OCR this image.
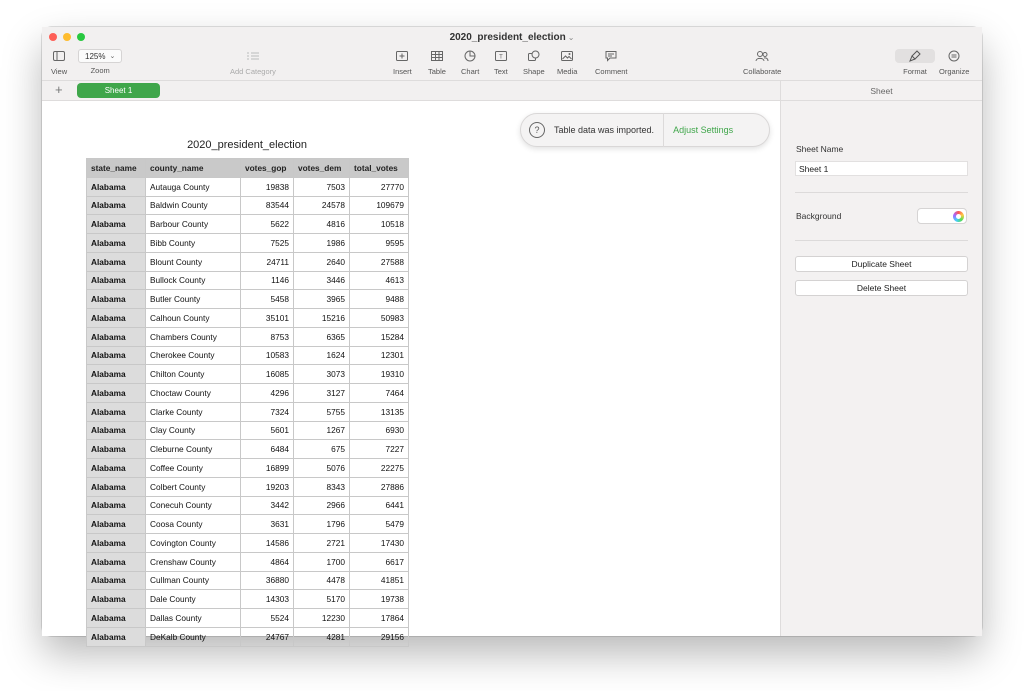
2020_president_election ⌄
View
125% ⌄
Zoom	Add Category	Insert Table Chart
T
Text Shape Media Comment	Collaborate	Format Organize
+	Sheet 1
?	Table data was imported. Adjust Settings
2020_president_election
state_name	county_name	votes_gop	votes_dem	total_votes
Alabama	Autauga County	19838	7503	27770
Alabama	Baldwin County	83544	24578	109679
Alabama	Barbour County	5622	4816	10518
Alabama	Bibb County	7525	1986	9595
Alabama	Blount County	24711	2640	27588
Alabama	Bullock County	1146	3446	4613
Alabama	Butler County	5458	3965	9488
Alabama	Calhoun County	35101	15216	50983
Alabama	Chambers County	8753	6365	15284
Alabama	Cherokee County	10583	1624	12301
Alabama	Chilton County	16085	3073	19310
Alabama	Choctaw County	4296	3127	7464
Alabama	Clarke County	7324	5755	13135
Alabama	Clay County	5601	1267	6930
Alabama	Cleburne County	6484	675	7227
Alabama	Coffee County	16899	5076	22275
Alabama	Colbert County	19203	8343	27886
Alabama	Conecuh County	3442	2966	6441
Alabama	Coosa County	3631	1796	5479
Alabama	Covington County	14586	2721	17430
Alabama	Crenshaw County	4864	1700	6617
Alabama	Cullman County	36880	4478	41851
Alabama	Dale County	14303	5170	19738
Alabama	Dallas County	5524	12230	17864
Alabama	DeKalb County	24767	4281	29156
Sheet
Sheet Name
Sheet 1
Background
Duplicate Sheet
Delete Sheet
